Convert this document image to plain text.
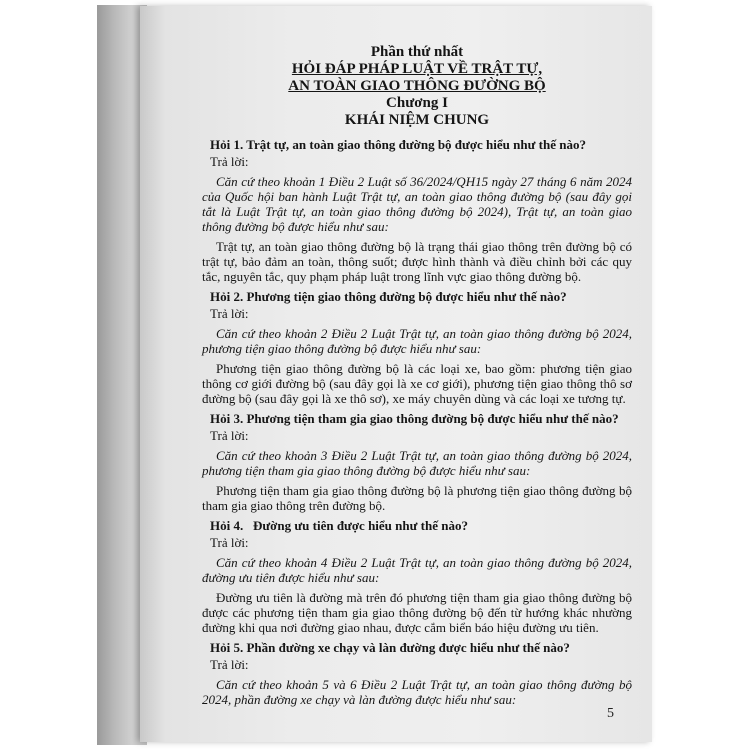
Phần thứ nhất
HỎI ĐÁP PHÁP LUẬT VỀ TRẬT TỰ,
AN TOÀN GIAO THÔNG ĐƯỜNG BỘ
Chương I
KHÁI NIỆM CHUNG
Hỏi 1. Trật tự, an toàn giao thông đường bộ được hiểu như thế nào?
Trả lời:
Căn cứ theo khoản 1 Điều 2 Luật số 36/2024/QH15 ngày 27 tháng 6 năm 2024 của Quốc hội ban hành Luật Trật tự, an toàn giao thông đường bộ (sau đây gọi tắt là Luật Trật tự, an toàn giao thông đường bộ 2024), Trật tự, an toàn giao thông đường bộ được hiểu như sau:
Trật tự, an toàn giao thông đường bộ là trạng thái giao thông trên đường bộ có trật tự, bảo đảm an toàn, thông suốt; được hình thành và điều chỉnh bởi các quy tắc, nguyên tắc, quy phạm pháp luật trong lĩnh vực giao thông đường bộ.
Hỏi 2. Phương tiện giao thông đường bộ được hiểu như thế nào?
Trả lời:
Căn cứ theo khoản 2 Điều 2 Luật Trật tự, an toàn giao thông đường bộ 2024, phương tiện giao thông đường bộ được hiểu như sau:
Phương tiện giao thông đường bộ là các loại xe, bao gồm: phương tiện giao thông cơ giới đường bộ (sau đây gọi là xe cơ giới), phương tiện giao thông thô sơ đường bộ (sau đây gọi là xe thô sơ), xe máy chuyên dùng và các loại xe tương tự.
Hỏi 3. Phương tiện tham gia giao thông đường bộ được hiểu như thế nào?
Trả lời:
Căn cứ theo khoản 3 Điều 2 Luật Trật tự, an toàn giao thông đường bộ 2024, phương tiện tham gia giao thông đường bộ được hiểu như sau:
Phương tiện tham gia giao thông đường bộ là phương tiện giao thông đường bộ tham gia giao thông trên đường bộ.
Hỏi 4.   Đường ưu tiên được hiểu như thế nào?
Trả lời:
Căn cứ theo khoản 4 Điều 2 Luật Trật tự, an toàn giao thông đường bộ 2024, đường ưu tiên được hiểu như sau:
Đường ưu tiên là đường mà trên đó phương tiện tham gia giao thông đường bộ được các phương tiện tham gia giao thông đường bộ đến từ hướng khác nhường đường khi qua nơi đường giao nhau, được cắm biển báo hiệu đường ưu tiên.
Hỏi 5. Phần đường xe chạy và làn đường được hiểu như thế nào?
Trả lời:
Căn cứ theo khoản 5 và 6 Điều 2 Luật Trật tự, an toàn giao thông đường bộ 2024, phần đường xe chạy và làn đường được hiểu như sau:
5
